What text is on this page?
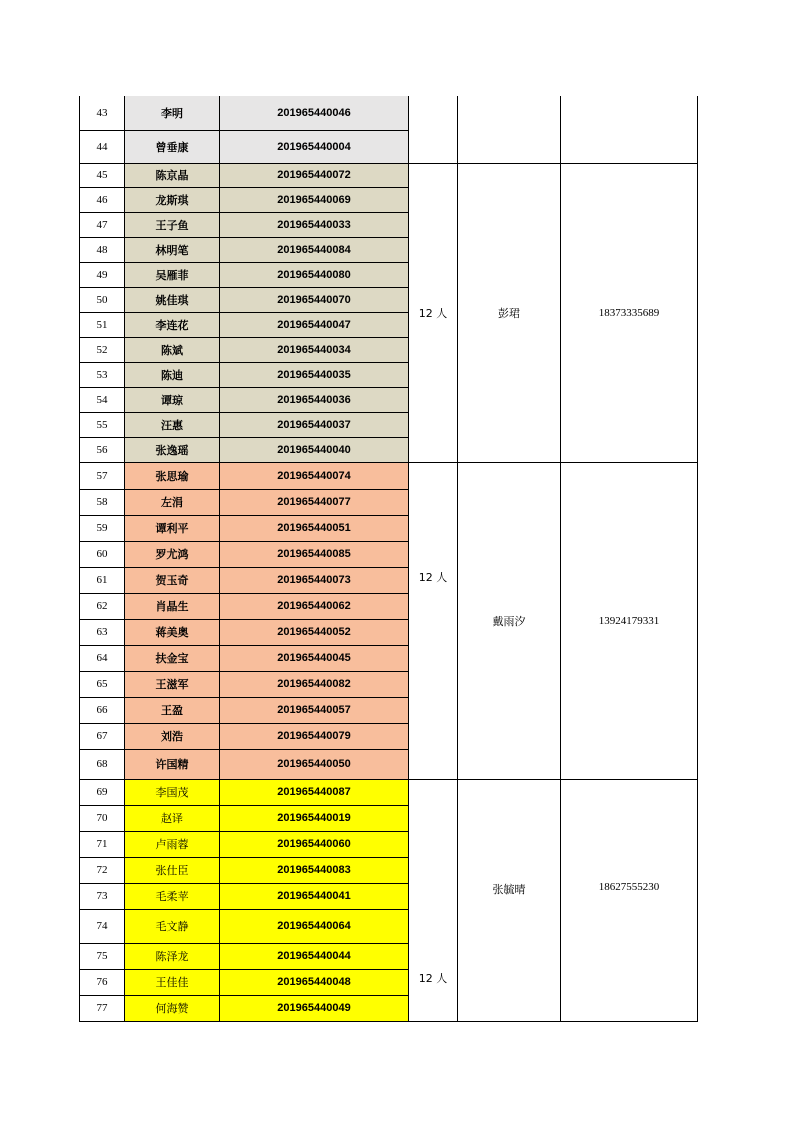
43	李明	201965440046			
44	曾垂康	201965440004			
45	陈京晶	201965440072	12 人	彭珺	18373335689
46	龙斯琪	201965440069			
47	王子鱼	201965440033			
48	林明笔	201965440084			
49	吴雁菲	201965440080			
50	姚佳琪	201965440070			
51	李连花	201965440047			
52	陈斌	201965440034			
53	陈迪	201965440035			
54	谭琼	201965440036			
55	汪惠	201965440037			
56	张逸瑶	201965440040			
57	张思瑜	201965440074	12 人	戴雨汐	13924179331
58	左涓	201965440077			
59	谭利平	201965440051			
60	罗尤鸿	201965440085			
61	贺玉奇	201965440073			
62	肖晶生	201965440062			
63	蒋美奥	201965440052			
64	扶金宝	201965440045			
65	王滋军	201965440082			
66	王盈	201965440057			
67	刘浩	201965440079			
68	许国精	201965440050			
69	李国茂	201965440087	12 人	张毓晴	18627555230
70	赵译	201965440019			
71	卢雨蓉	201965440060			
72	张仕臣	201965440083			
73	毛柔苹	201965440041			
74	毛文静	201965440064			
75	陈泽龙	201965440044			
76	王佳佳	201965440048			
77	何海赞	201965440049			
